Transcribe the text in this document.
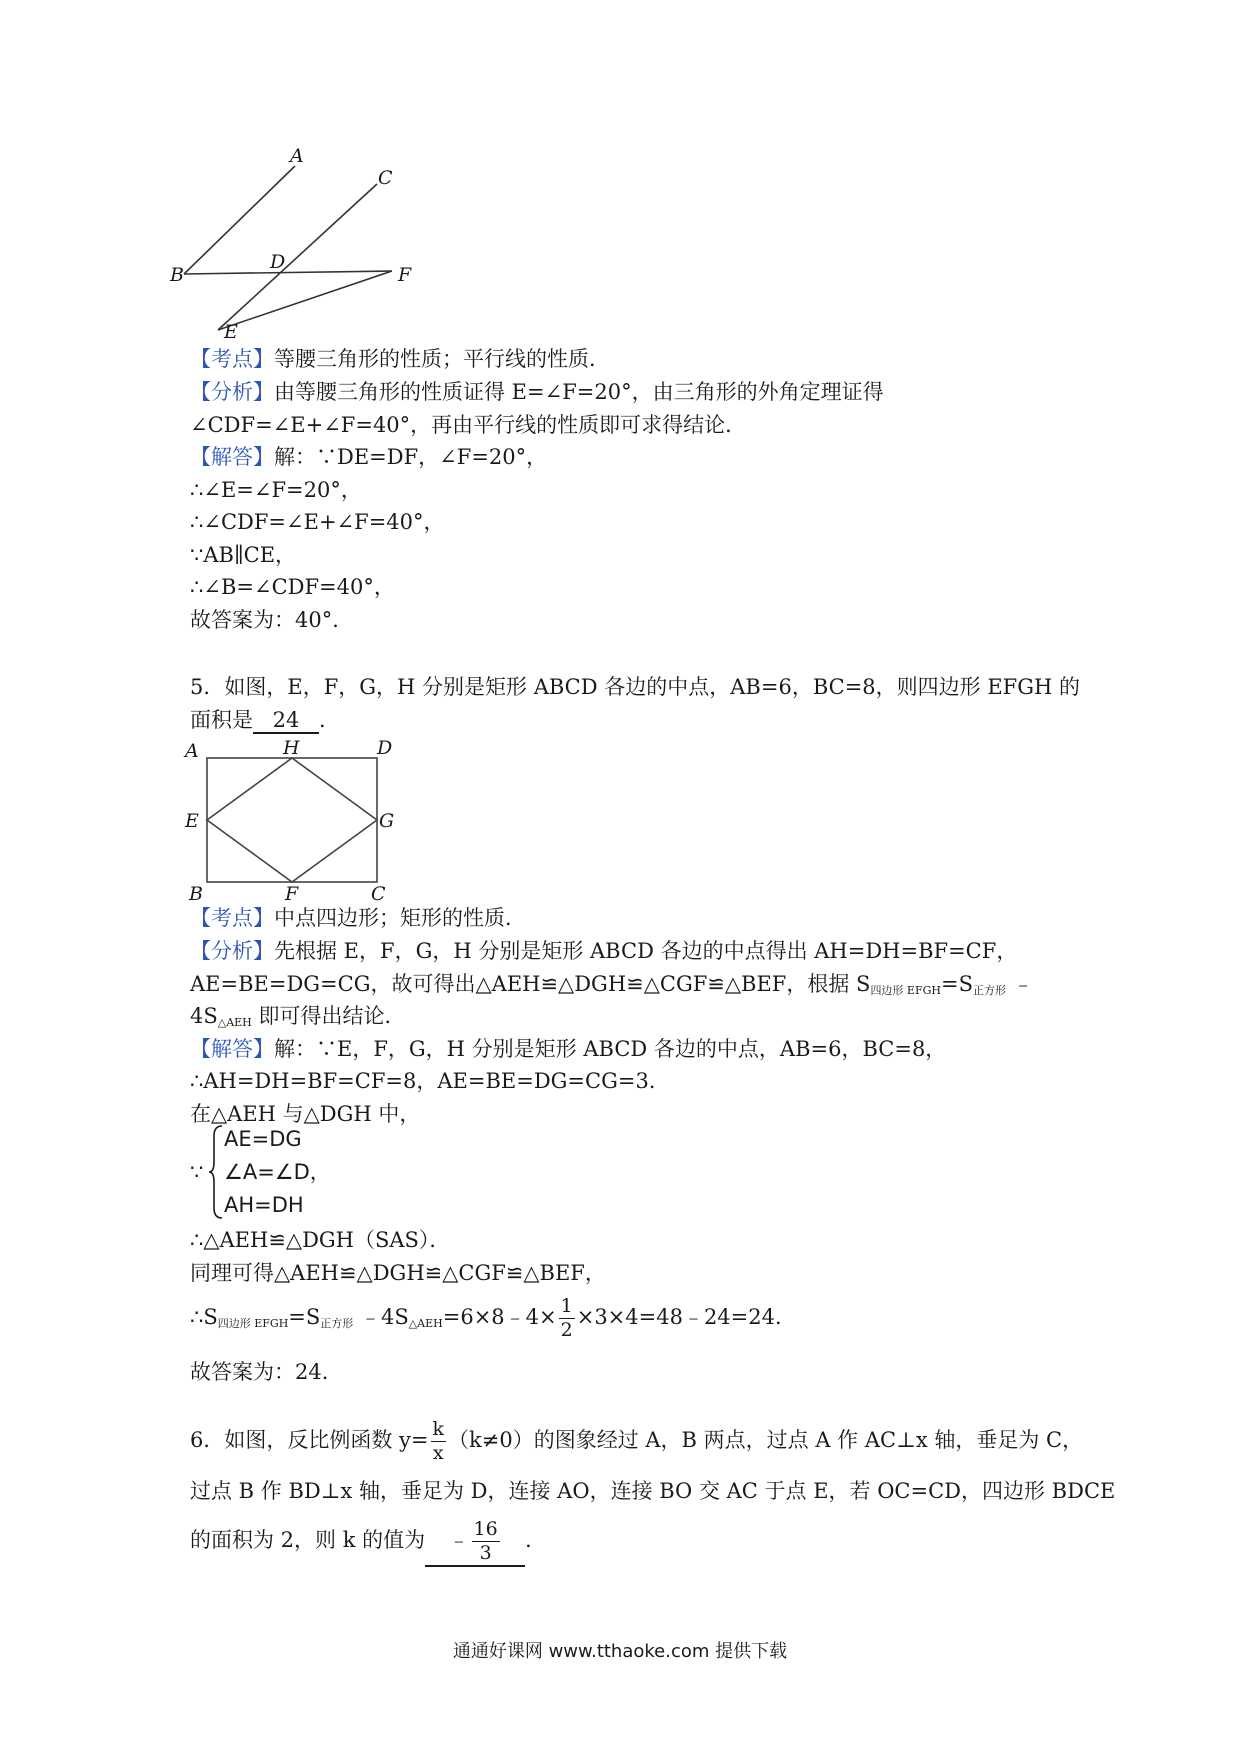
A
C
B
D
F
E
【考点】等腰三角形的性质；平行线的性质．
【分析】由等腰三角形的性质证得 E=∠F=20°，由三角形的外角定理证得
∠CDF=∠E+∠F=40°，再由平行线的性质即可求得结论．
【解答】解：∵DE=DF，∠F=20°，
∴∠E=∠F=20°，
∴∠CDF=∠E+∠F=40°，
∵AB∥CE，
∴∠B=∠CDF=40°，
故答案为：40°．
5．如图，E，F，G，H 分别是矩形 ABCD 各边的中点，AB=6，BC=8，则四边形 EFGH 的
面积是 24 ．
A	H	D
E	G
B	F	C
【考点】中点四边形；矩形的性质．
【分析】先根据 E，F，G，H 分别是矩形 ABCD 各边的中点得出 AH=DH=BF=CF，
AE=BE=DG=CG，故可得出△AEH≌△DGH≌△CGF≌△BEF，根据 $S_{四边形 EFGH}=S_{正方形}$ ﹣
$4S_{\triangle AEH}$ 即可得出结论．
【解答】解：∵E，F，G，H 分别是矩形 ABCD 各边的中点，AB=6，BC=8，
∴AH=DH=BF=CF=8，AE=BE=DG=CG=3．
在△AEH 与△DGH 中，
∵
AE=DG
∠A=∠D，
AH=DH
∴△AEH≌△DGH（SAS）．
同理可得△AEH≌△DGH≌△CGF≌△BEF，
$\therefore S_{四边形 EFGH}=S_{正方形}$ $﹣4S_{\triangle AEH}=6\times 8﹣4\times \frac{1}{2}$ ×3×4=48﹣24=24．
故答案为：24．
6．如图，反比例函数 $y= \frac{k}{x} (k\ne 0)$的图象经过 A，B 两点，过点 A 作 AC⊥x 轴，垂足为 C，
过点 B 作 BD⊥x 轴，垂足为 D，连接 AO，连接 BO 交 AC 于点 E，若 OC=CD，四边形 BDCE
的面积为 2，则 k 的值为 ﹣ $\frac{16}{3}$ ．
通通好课网 www.tthaoke.com 提供下载
